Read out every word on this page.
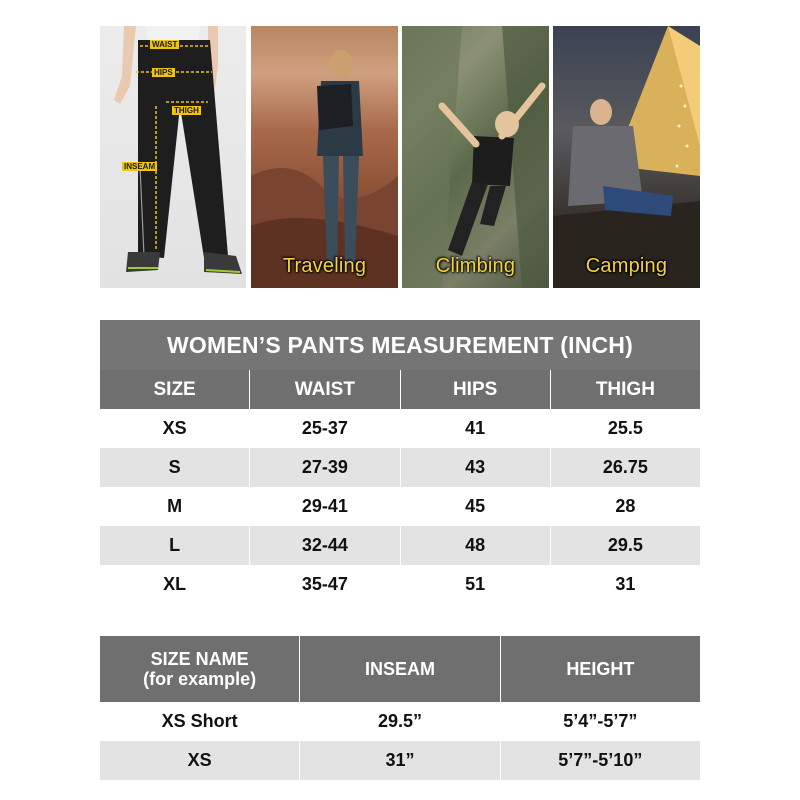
WAIST
HIPS
THIGH
INSEAM
Traveling	Climbing	Camping
WOMEN’S PANTS MEASUREMENT (INCH)
SIZE	WAIST	HIPS	THIGH
XS	25-37	41	25.5
S	27-39	43	26.75
M	29-41	45	28
L	32-44	48	29.5
XL	35-47	51	31
SIZE NAME
(for example)	INSEAM	HEIGHT
XS Short	29.5”	5’4”-5’7”
XS	31”	5’7”-5’10”
